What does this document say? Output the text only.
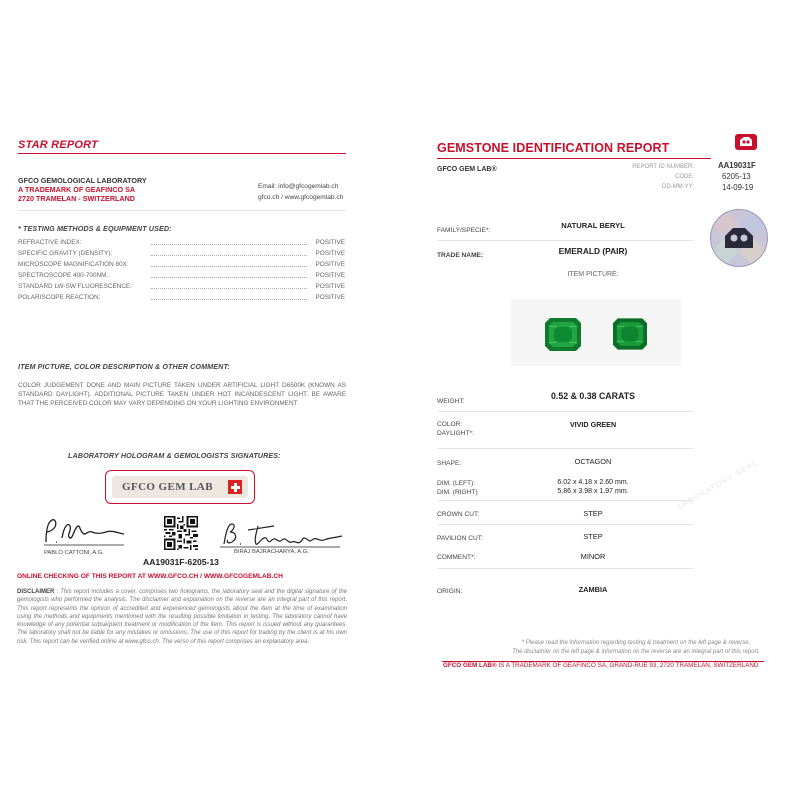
STAR REPORT
GFCO GEMOLOGICAL LABORATORY
A TRADEMARK OF GEAFINCO SA
2720 TRAMELAN - SWITZERLAND
Email: info@gfcogemlab.ch
gfco.ch / www.gfcogemlab.ch
* TESTING METHODS & EQUIPMENT USED:
REFRACTIVE INDEX:	POSITIVE
SPECIFIC GRAVITY (DENSITY):	POSITIVE
MICROSCOPE MAGNIFICATION 80X:	POSITIVE
SPECTROSCOPE 400-700NM.:	POSITIVE
STANDARD LW-SW FLUORESCENCE:	POSITIVE
POLARISCOPE REACTION:	POSITIVE
ITEM PICTURE, COLOR DESCRIPTION & OTHER COMMENT:
COLOR JUDGEMENT DONE AND MAIN PICTURE TAKEN UNDER ARTIFICIAL LIGHT D6500K (KNOWN AS STANDARD DAYLIGHT). ADDITIONAL PICTURE TAKEN UNDER HOT INCANDESCENT LIGHT. BE AWARE THAT THE PERCEIVED COLOR MAY VARY DEPENDING ON YOUR LIGHTING ENVIRONMENT
LABORATORY HOLOGRAM & GEMOLOGISTS SIGNATURES:
GFCO GEM LAB
PABLO CATTONI, A.G.	BIRAJ BAJRACHARYA, A.G.
AA19031F-6205-13
ONLINE CHECKING OF THIS REPORT AT WWW.GFCO.CH / WWW.GFCOGEMLAB.CH
DISCLAIMER : This report includes a cover, comprises two holograms, the laboratory seal and the digital signature of the gemologists who performed the analysis. The disclaimer and explanation on the reverse are an integral part of this report. This report represents the opinion of accredited and experienced gemologists about the item at the time of examination using the methods and equipments mentioned with the resulting possible limitation in testing. The laboratory cannot have knowledge of any potential subsequent treatment or modification of the item. This report is issued without any guarantees. The laboratory shall not be liable for any mistakes or omissions. The use of this report for trading by the client is at his own risk. This report can be verified online at www.gfco.ch. The verso of this report comprises an explanatory area.
GEMSTONE IDENTIFICATION REPORT
GFCO GEM LAB®	REPORT ID NUMBER:	AA19031F
CODE:	6205-13
DD-MM-YY:	14-09-19
FAMILY/SPECIE*:
NATURAL BERYL
TRADE NAME:	EMERALD (PAIR)
ITEM PICTURE:
WEIGHT:
0.52 & 0.38 CARATS
COLOR:
DAYLIGHT*:
VIVID GREEN
SHAPE:	OCTAGON
DIM. (LEFT):	6.02 x 4.18 x 2.60 mm.
DIM. (RIGHT)	5.86 x 3.98 x 1.97 mm.
CROWN CUT:	STEP
PAVILION CUT:	STEP
COMMENT*:	MINOR
ORIGIN:	ZAMBIA
LABORATORY SEAL
* Please read the information regarding testing & treatment on the left page & reverse.
The disclaimer on the left page & information on the reverse are an integral part of this report.
GFCO GEM LAB® IS A TRADEMARK OF GEAFINCO SA, GRAND-RUE 93, 2720 TRAMELAN, SWITZERLAND
